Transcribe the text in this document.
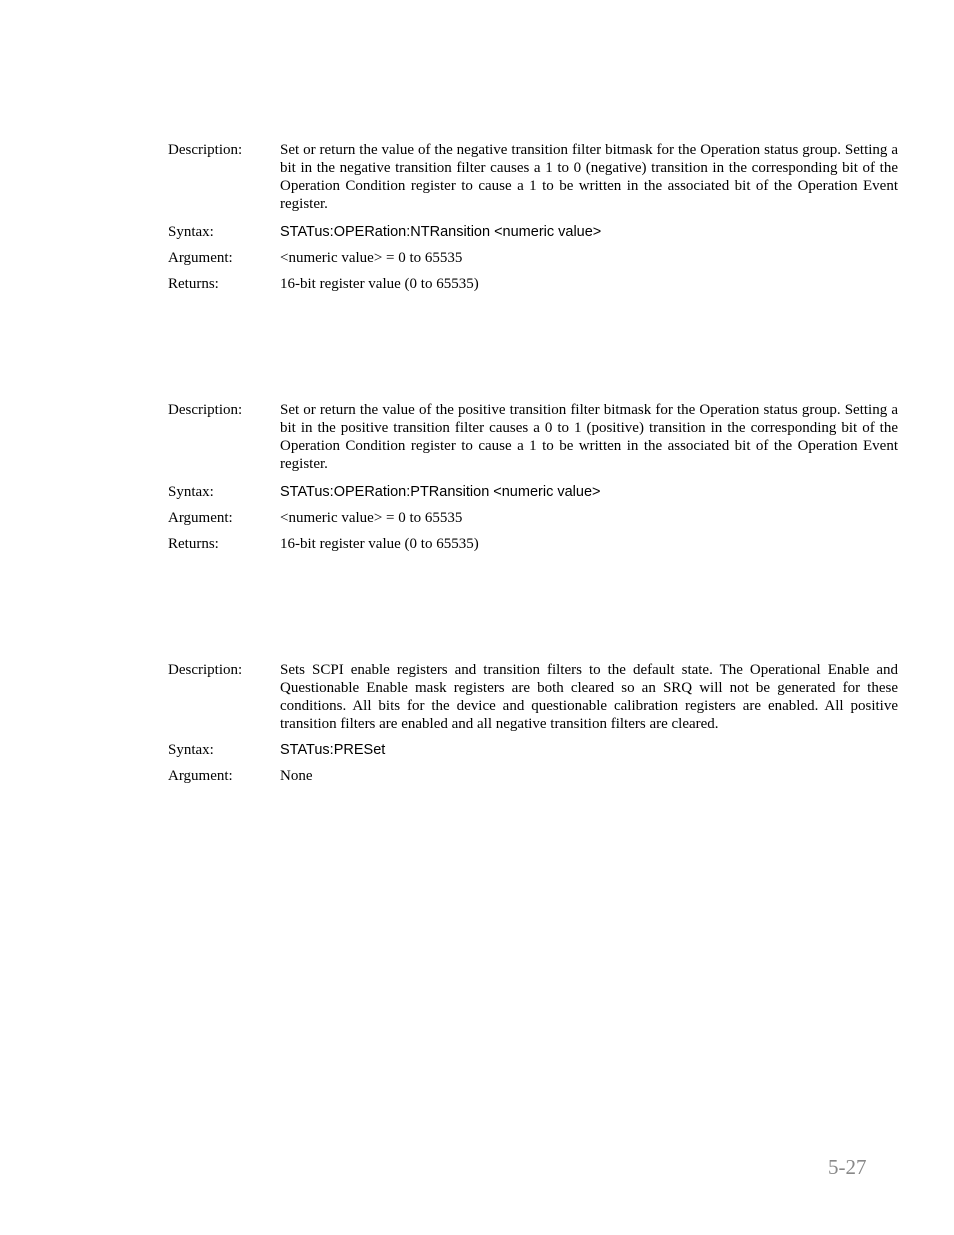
Description:	Set or return the value of the negative transition filter bitmask for the Operation status group. Setting a bit in the negative transition filter causes a 1 to 0 (negative) transition in the corresponding bit of the Operation Condition register to cause a 1 to be written in the associated bit of the Operation Event register.
Syntax:	STATus:OPERation:NTRansition <numeric value>
Argument:	<numeric value> = 0 to 65535
Returns:	16-bit register value (0 to 65535)
Description:	Set or return the value of the positive transition filter bitmask for the Operation status group. Setting a bit in the positive transition filter causes a 0 to 1 (positive) transition in the corresponding bit of the Operation Condition register to cause a 1 to be written in the associated bit of the Operation Event register.
Syntax:	STATus:OPERation:PTRansition <numeric value>
Argument:	<numeric value> = 0 to 65535
Returns:	16-bit register value (0 to 65535)
Description:	Sets SCPI enable registers and transition filters to the default state. The Operational Enable and Questionable Enable mask registers are both cleared so an SRQ will not be generated for these conditions. All bits for the device and questionable calibration registers are enabled. All positive transition filters are enabled and all negative transition filters are cleared.
Syntax:	STATus:PRESet
Argument:	None
5-27
